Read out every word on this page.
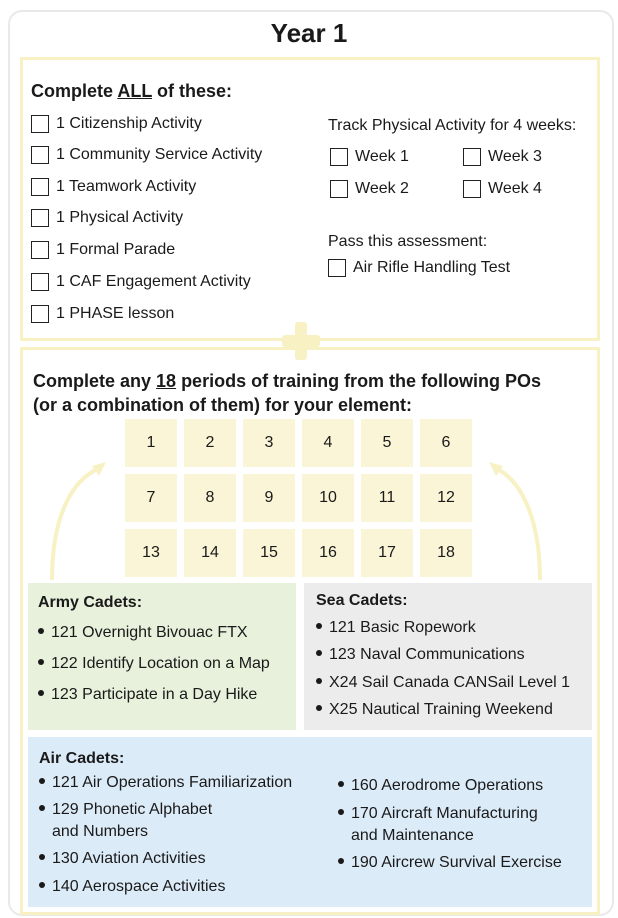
Year 1
Complete ALL of these:
1 Citizenship Activity
1 Community Service Activity
1 Teamwork Activity
1 Physical Activity
1 Formal Parade
1 CAF Engagement Activity
1 PHASE lesson
Track Physical Activity for 4 weeks:
Week 1	Week 3
Week 2	Week 4
Pass this assessment:
Air Rifle Handling Test
Complete any 18 periods of training from the following POs
(or a combination of them) for your element:
1	2	3	4	5	6
7	8	9	10	11	12
13	14	15	16	17	18
Army Cadets:
121 Overnight Bivouac FTX
122 Identify Location on a Map
123 Participate in a Day Hike
Sea Cadets:
121 Basic Ropework
123 Naval Communications
X24 Sail Canada CANSail Level 1
X25 Nautical Training Weekend
Air Cadets:
121 Air Operations Familiarization
129 Phonetic Alphabet
and Numbers
130 Aviation Activities
140 Aerospace Activities
160 Aerodrome Operations
170 Aircraft Manufacturing
and Maintenance
190 Aircrew Survival Exercise
